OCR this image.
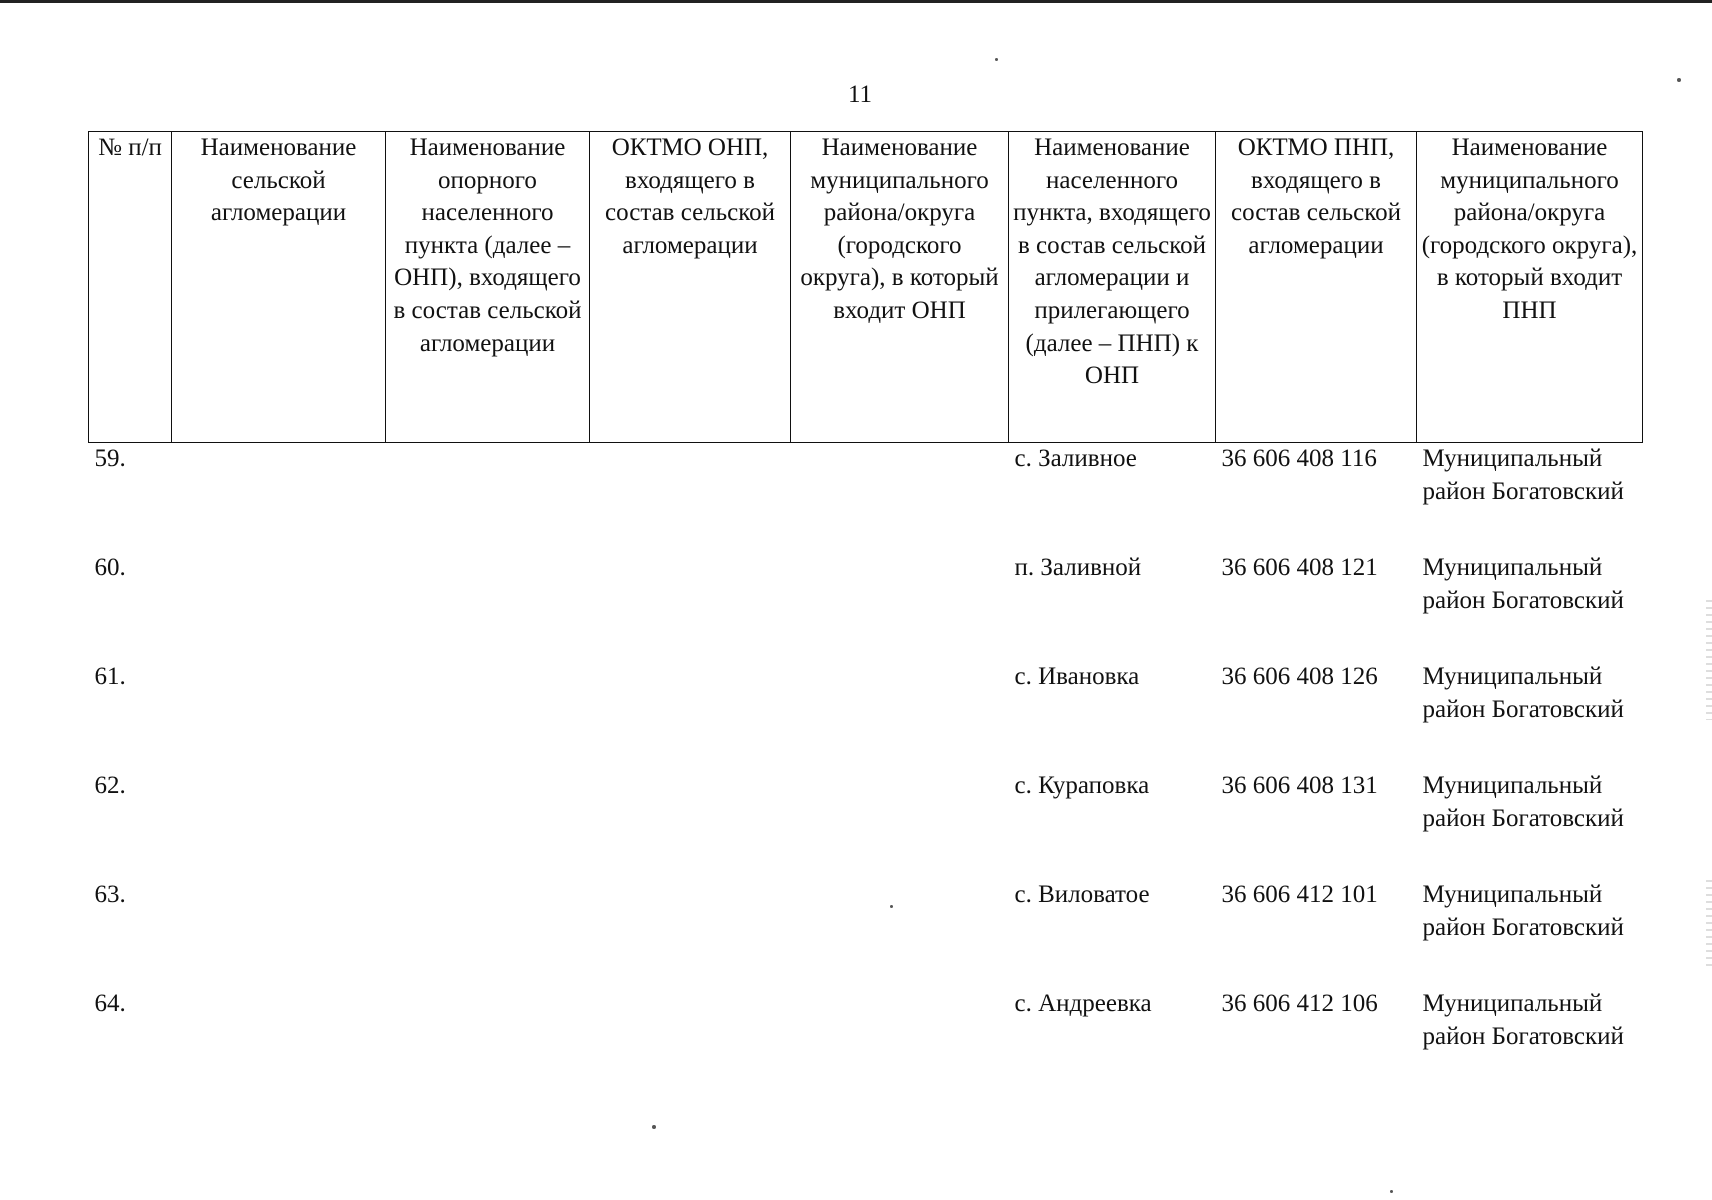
11
№ п/п	Наименование сельской агломерации	Наименование опорного населенного пункта (далее – ОНП), входящего в состав сельской агломерации	ОКТМО ОНП, входящего в состав сельской агломерации	Наименование муниципального района/округа (городского округа), в который входит ОНП	Наименование населенного пункта, входящего в состав сельской агломерации и прилегающего (далее – ПНП) к ОНП	ОКТМО ПНП, входящего в состав сельской агломерации	Наименование муниципального района/округа (городского округа), в который входит ПНП
59.					с. Заливное	36 606 408 116	Муниципальный район Богатовский
60.					п. Заливной	36 606 408 121	Муниципальный район Богатовский
61.					с. Ивановка	36 606 408 126	Муниципальный район Богатовский
62.					с. Кураповка	36 606 408 131	Муниципальный район Богатовский
63.					с. Виловатое	36 606 412 101	Муниципальный район Богатовский
64.					с. Андреевка	36 606 412 106	Муниципальный район Богатовский
